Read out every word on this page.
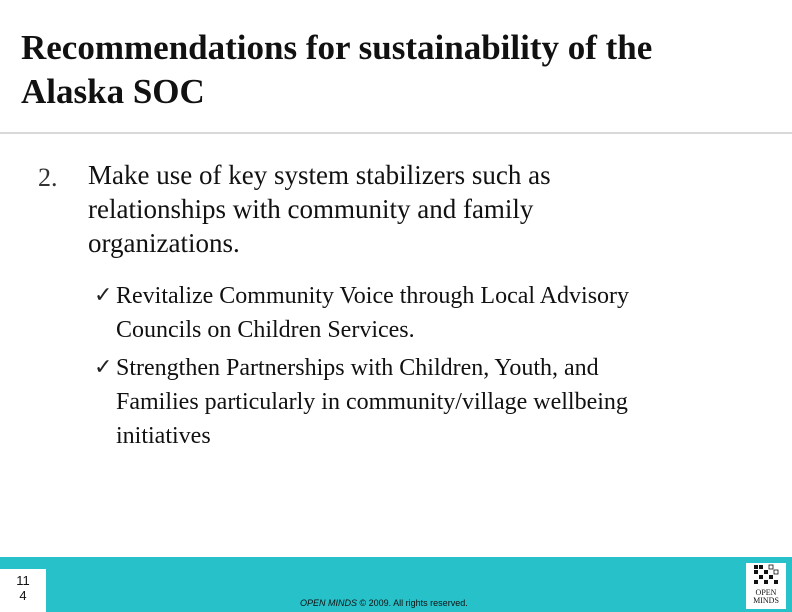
Recommendations for sustainability of the
Alaska SOC
2. Make use of key system stabilizers such as
relationships with community and family
organizations.
✓ Revitalize Community Voice through Local Advisory
Councils on Children Services.
✓ Strengthen Partnerships with Children, Youth, and
Families particularly in community/village wellbeing
initiatives
11
4	OPEN MINDS © 2009. All rights reserved.
OPEN
MINDS
